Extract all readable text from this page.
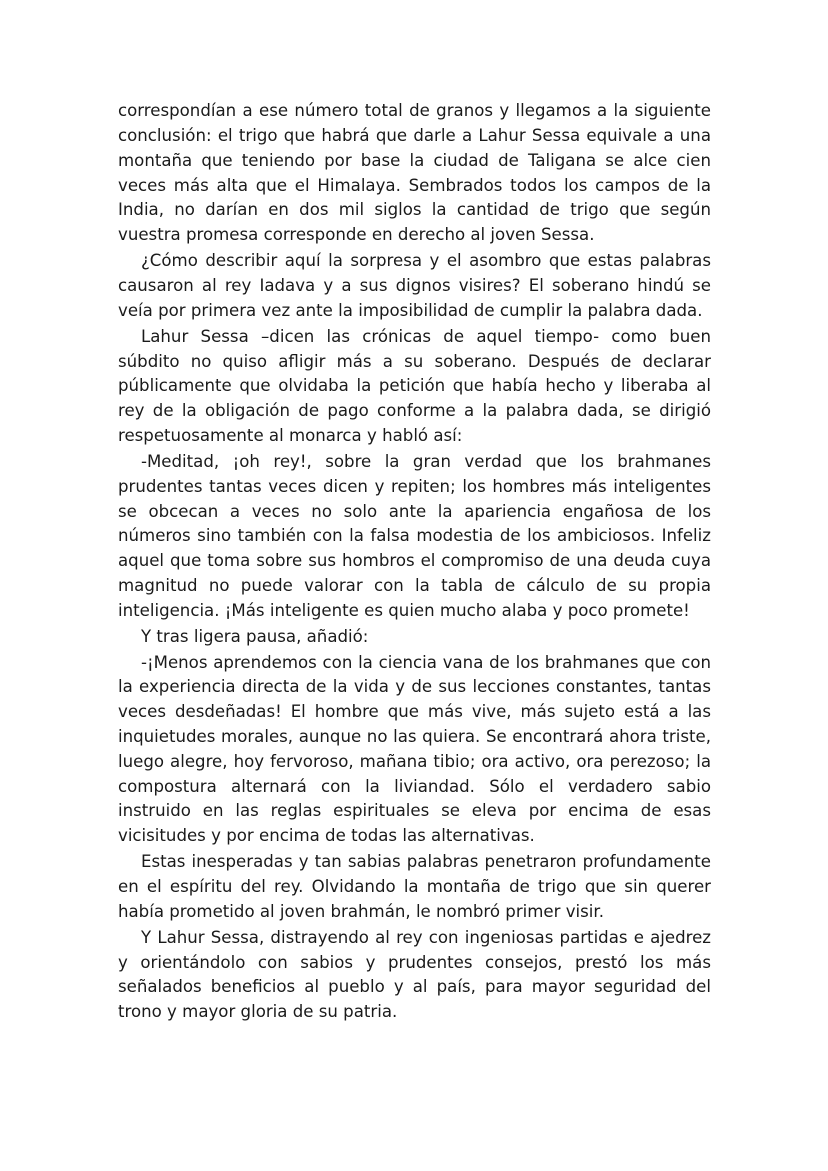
correspondían a ese número total de granos y llegamos a la siguiente conclusión: el trigo que habrá que darle a Lahur Sessa equivale a una montaña que teniendo por base la ciudad de Taligana se alce cien veces más alta que el Himalaya. Sembrados todos los campos de la India, no darían en dos mil siglos la cantidad de trigo que según vuestra promesa corresponde en derecho al joven Sessa.

¿Cómo describir aquí la sorpresa y el asombro que estas palabras causaron al rey Iadava y a sus dignos visires? El soberano hindú se veía por primera vez ante la imposibilidad de cumplir la palabra dada.

Lahur Sessa –dicen las crónicas de aquel tiempo- como buen súbdito no quiso afligir más a su soberano. Después de declarar públicamente que olvidaba la petición que había hecho y liberaba al rey de la obligación de pago conforme a la palabra dada, se dirigió respetuosamente al monarca y habló así:

-Meditad, ¡oh rey!, sobre la gran verdad que los brahmanes prudentes tantas veces dicen y repiten; los hombres más inteligentes se obcecan a veces no solo ante la apariencia engañosa de los números sino también con la falsa modestia de los ambiciosos. Infeliz aquel que toma sobre sus hombros el compromiso de una deuda cuya magnitud no puede valorar con la tabla de cálculo de su propia inteligencia. ¡Más inteligente es quien mucho alaba y poco promete!

Y tras ligera pausa, añadió:

-¡Menos aprendemos con la ciencia vana de los brahmanes que con la experiencia directa de la vida y de sus lecciones constantes, tantas veces desdeñadas! El hombre que más vive, más sujeto está a las inquietudes morales, aunque no las quiera. Se encontrará ahora triste, luego alegre, hoy fervoroso, mañana tibio; ora activo, ora perezoso; la compostura alternará con la liviandad. Sólo el verdadero sabio instruido en las reglas espirituales se eleva por encima de esas vicisitudes y por encima de todas las alternativas.

Estas inesperadas y tan sabias palabras penetraron profundamente en el espíritu del rey. Olvidando la montaña de trigo que sin querer había prometido al joven brahmán, le nombró primer visir.

Y Lahur Sessa, distrayendo al rey con ingeniosas partidas e ajedrez y orientándolo con sabios y prudentes consejos, prestó los más señalados beneficios al pueblo y al país, para mayor seguridad del trono y mayor gloria de su patria.
